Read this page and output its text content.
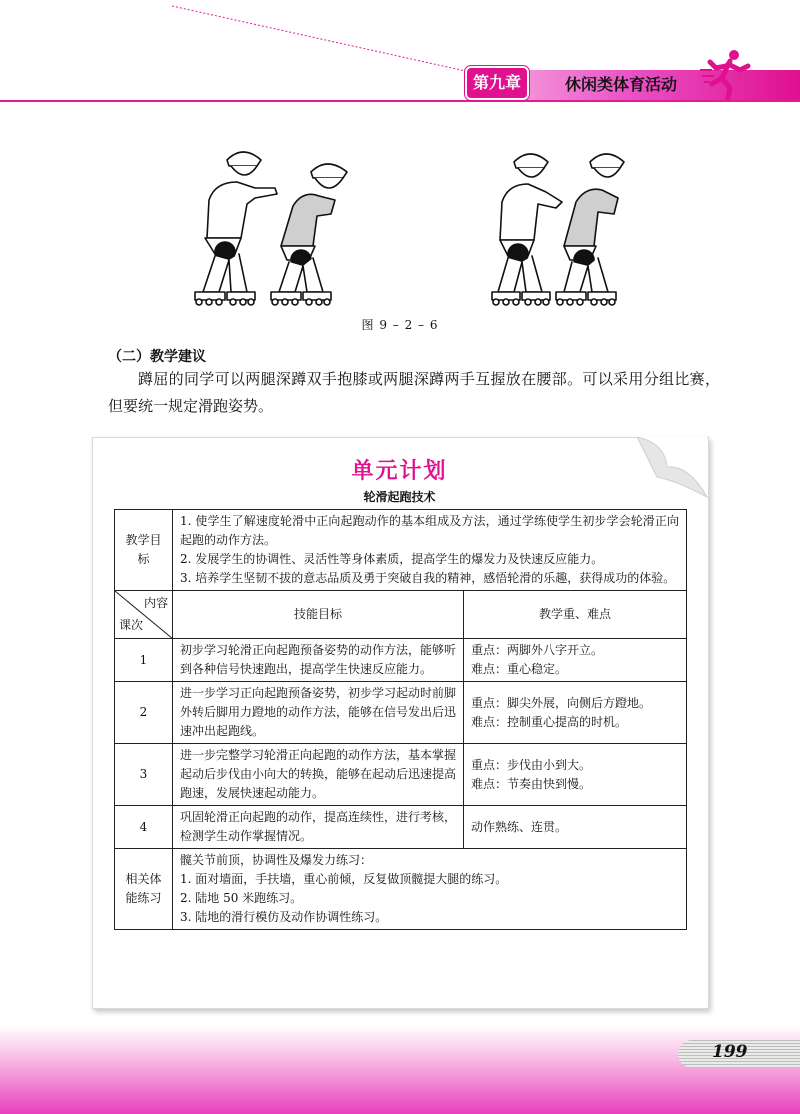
第九章	休闲类体育活动
图 9 – 2 – 6
（二）教学建议
蹲屈的同学可以两腿深蹲双手抱膝或两腿深蹲两手互握放在腰部。可以采用分组比赛，但要统一规定滑跑姿势。
单元计划
轮滑起跑技术
教学目标	1. 使学生了解速度轮滑中正向起跑动作的基本组成及方法，通过学练使学生初步学会轮滑正向起跑的动作方法。
2. 发展学生的协调性、灵活性等身体素质，提高学生的爆发力及快速反应能力。
3. 培养学生坚韧不拔的意志品质及勇于突破自我的精神，感悟轮滑的乐趣，获得成功的体验。	

内容
课次	技能目标	教学重、难点
1	初步学习轮滑正向起跑预备姿势的动作方法，能够听到各种信号快速跑出，提高学生快速反应能力。	重点：两脚外八字开立。
难点：重心稳定。

2	进一步学习正向起跑预备姿势，初步学习起动时前脚外转后脚用力蹬地的动作方法，能够在信号发出后迅速冲出起跑线。	重点：脚尖外展，向侧后方蹬地。
难点：控制重心提高的时机。

3	进一步完整学习轮滑正向起跑的动作方法，基本掌握起动后步伐由小向大的转换，能够在起动后迅速提高跑速，发展快速起动能力。	重点：步伐由小到大。
难点：节奏由快到慢。

4	巩固轮滑正向起跑的动作，提高连续性，进行考核，检测学生动作掌握情况。	动作熟练、连贯。

相关体能练习	髋关节前顶，协调性及爆发力练习：
1. 面对墙面，手扶墙，重心前倾，反复做顶髋提大腿的练习。
2. 陆地 50 米跑练习。
3. 陆地的滑行模仿及动作协调性练习。	
199
